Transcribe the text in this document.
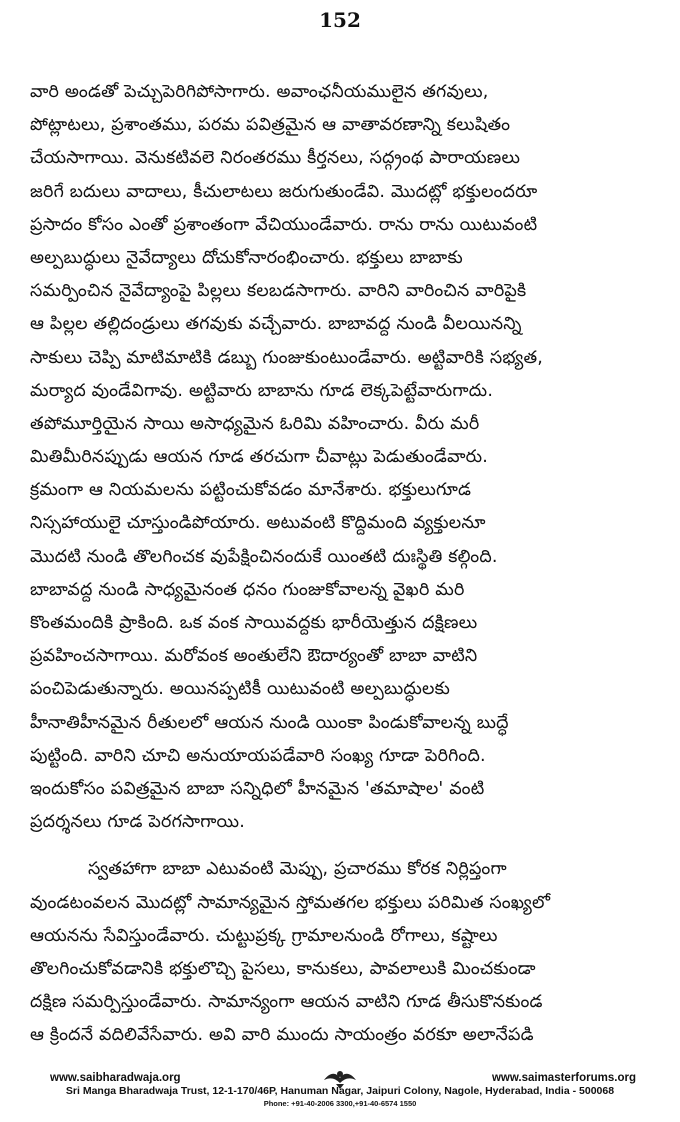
152
వారి అండతో పెచ్చుపెరిగిపోసాగారు. అవాంఛనీయములైన తగవులు,
పోట్లాటలు, ప్రశాంతము, పరమ పవిత్రమైన ఆ వాతావరణాన్ని కలుషితం
చేయసాగాయి. వెనుకటివలె నిరంతరము కీర్తనలు, సద్గ్రంథ పారాయణలు
జరిగే బదులు వాదాలు, కీచులాటలు జరుగుతుండేవి. మొదట్లో భక్తులందరూ
ప్రసాదం కోసం ఎంతో ప్రశాంతంగా వేచియుండేవారు. రాను రాను యిటువంటి
అల్పబుద్ధులు నైవేద్యాలు దోచుకోనారంభించారు. భక్తులు బాబాకు
సమర్పించిన నైవేద్యాంపై పిల్లలు కలబడసాగారు. వారిని వారించిన వారిపైకి
ఆ పిల్లల తల్లిదండ్రులు తగవుకు వచ్చేవారు. బాబావద్ద నుండి వీలయినన్ని
సాకులు చెప్పి మాటిమాటికి డబ్బు గుంజుకుంటుండేవారు. అట్టివారికి సభ్యత,
మర్యాద వుండేవిగావు. అట్టివారు బాబాను గూడ లెక్కపెట్టేవారుగాదు.
తపోమూర్తియైన సాయి అసాధ్యమైన ఓరిమి వహించారు. వీరు మరీ
మితిమీరినప్పుడు ఆయన గూడ తరచుగా చీవాట్లు పెడుతుండేవారు.
క్రమంగా ఆ నియమలను పట్టించుకోవడం మానేశారు. భక్తులుగూడ
నిస్సహాయులై చూస్తుండిపోయారు. అటువంటి కొద్దిమంది వ్యక్తులనూ
మొదటి నుండి తొలగించక వుపేక్షించినందుకే యింతటి దుఃస్థితి కల్గింది.
బాబావద్ద నుండి సాధ్యమైనంత ధనం గుంజుకోవాలన్న వైఖరి మరి
కొంతమందికి ప్రాకింది. ఒక వంక సాయివద్దకు భారీయెత్తున దక్షిణలు
ప్రవహించసాగాయి. మరోవంక అంతులేని ఔదార్యంతో బాబా వాటిని
పంచిపెడుతున్నారు. అయినప్పటికీ యిటువంటి అల్పబుద్ధులకు
హీనాతిహీనమైన రీతులలో ఆయన నుండి యింకా పిండుకోవాలన్న బుద్ధే
పుట్టింది. వారిని చూచి అనుయాయపడేవారి సంఖ్య గూడా పెరిగింది.
ఇందుకోసం పవిత్రమైన బాబా సన్నిధిలో హీనమైన 'తమాషాల' వంటి
ప్రదర్శనలు గూడ పెరగసాగాయి.
స్వతహాగా బాబా ఎటువంటి మెప్పు, ప్రచారము కోరక నిర్లిప్తంగా
వుండటంవలన మొదట్లో సామాన్యమైన స్తోమతగల భక్తులు పరిమిత సంఖ్యలో
ఆయనను సేవిస్తుండేవారు. చుట్టుప్రక్క గ్రామాలనుండి రోగాలు, కష్టాలు
తొలగించుకోవడానికి భక్తులొచ్చి పైసలు, కానుకలు, పావలాలుకి మించకుండా
దక్షిణ సమర్పిస్తుండేవారు. సామాన్యంగా ఆయన వాటిని గూడ తీసుకొనకుండ
ఆ క్రిందనే వదిలివేసేవారు. అవి వారి ముందు సాయంత్రం వరకూ అలానేపడి
www.saibharadwaja.org	www.saimasterforums.org
Sri Manga Bharadwaja Trust, 12-1-170/46P, Hanuman Nagar, Jaipuri Colony, Nagole, Hyderabad, India - 500068
Phone: +91-40-2006 3300,+91-40-6574 1550
